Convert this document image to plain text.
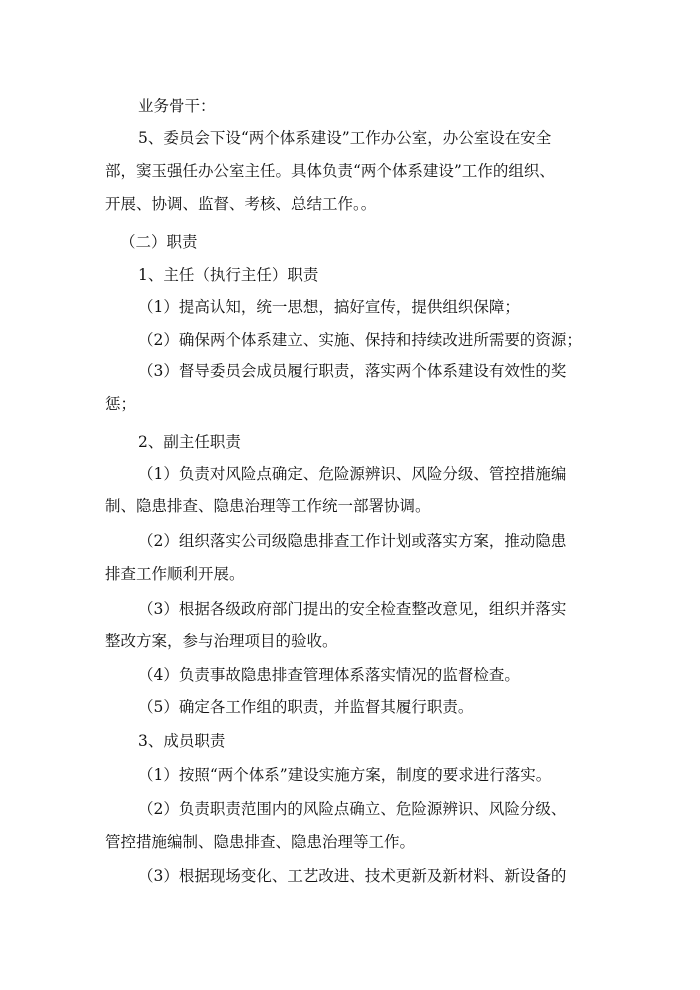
业务骨干：
5、委员会下设“两个体系建设”工作办公室，办公室设在安全
部，窦玉强任办公室主任。具体负责“两个体系建设”工作的组织、
开展、协调、监督、考核、总结工作。。
（二）职责
1、主任（执行主任）职责
（1）提高认知，统一思想，搞好宣传，提供组织保障；
（2）确保两个体系建立、实施、保持和持续改进所需要的资源；
（3）督导委员会成员履行职责，落实两个体系建设有效性的奖
惩；
2、副主任职责
（1）负责对风险点确定、危险源辨识、风险分级、管控措施编
制、隐患排查、隐患治理等工作统一部署协调。
（2）组织落实公司级隐患排查工作计划或落实方案，推动隐患
排查工作顺利开展。
（3）根据各级政府部门提出的安全检查整改意见，组织并落实
整改方案，参与治理项目的验收。
（4）负责事故隐患排查管理体系落实情况的监督检查。
（5）确定各工作组的职责，并监督其履行职责。
3、成员职责
（1）按照“两个体系”建设实施方案，制度的要求进行落实。
（2）负责职责范围内的风险点确立、危险源辨识、风险分级、
管控措施编制、隐患排查、隐患治理等工作。
（3）根据现场变化、工艺改进、技术更新及新材料、新设备的
